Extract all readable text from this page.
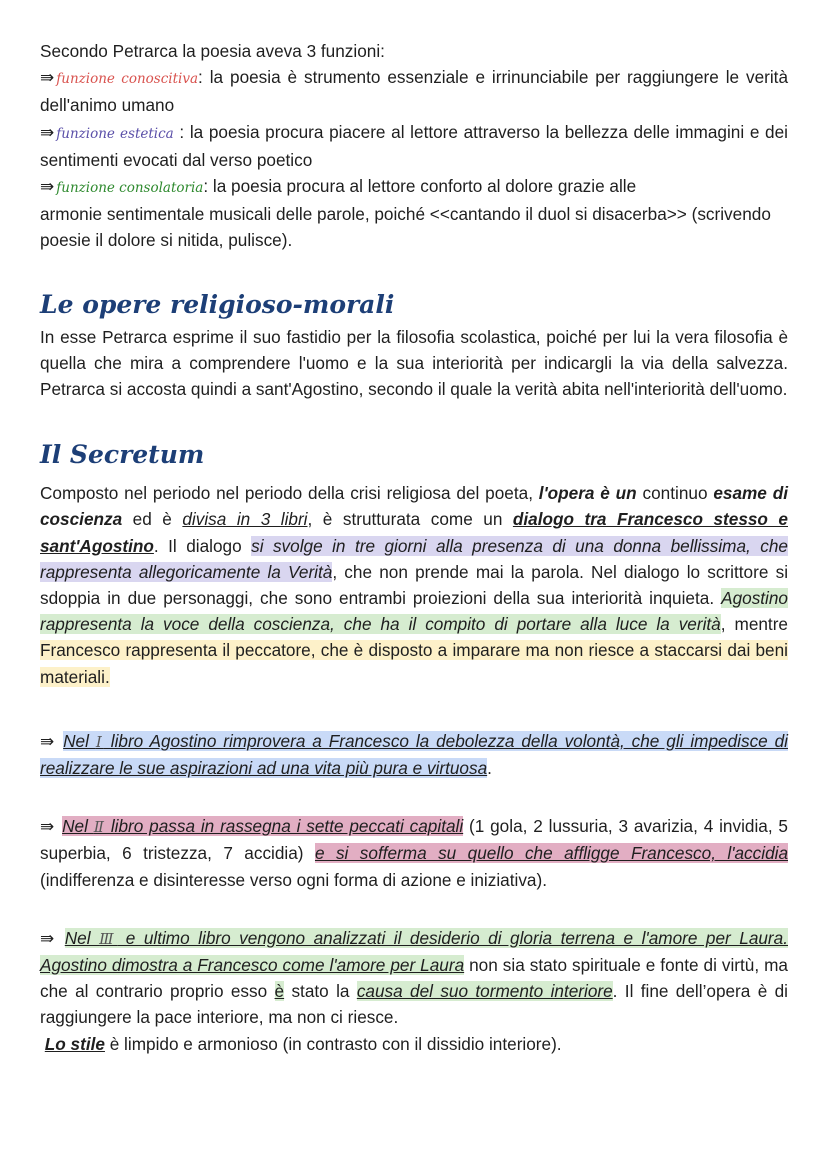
Secondo Petrarca la poesia aveva 3 funzioni:

⇛ funzione conoscitiva: la poesia è strumento essenziale e irrinunciabile per raggiungere le verità dell'animo umano

⇛ funzione estetica : la poesia procura piacere al lettore attraverso la bellezza delle immagini e dei sentimenti evocati dal verso poetico

⇛ funzione consolatoria: la poesia procura al lettore conforto al dolore grazie alle
armonie sentimentale musicali delle parole, poiché <<cantando il duol si disacerba>> (scrivendo poesie il dolore si nitida, pulisce).

Le opere religioso-morali

In esse Petrarca esprime il suo fastidio per la filosofia scolastica, poiché per lui la vera filosofia è quella che mira a comprendere l'uomo e la sua interiorità per indicargli la via della salvezza. Petrarca si accosta quindi a sant'Agostino, secondo il quale la verità abita nell'interiorità dell'uomo.

Il Secretum

Composto nel periodo nel periodo della crisi religiosa del poeta, l'opera è un continuo esame di coscienza ed è divisa in 3 libri, è strutturata come un dialogo tra Francesco stesso e sant'Agostino. Il dialogo si svolge in tre giorni alla presenza di una donna bellissima, che rappresenta allegoricamente la Verità, che non prende mai la parola. Nel dialogo lo scrittore si sdoppia in due personaggi, che sono entrambi proiezioni della sua interiorità inquieta. Agostino rappresenta la voce della coscienza, che ha il compito di portare alla luce la verità, mentre Francesco rappresenta il peccatore, che è disposto a imparare ma non riesce a staccarsi dai beni materiali.

⇛ Nel Ⅰ libro Agostino rimprovera a Francesco la debolezza della volontà, che gli impedisce di realizzare le sue aspirazioni ad una vita più pura e virtuosa.

⇛ Nel Ⅱ libro passa in rassegna i sette peccati capitali (1 gola, 2 lussuria, 3 avarizia, 4 invidia, 5 superbia, 6 tristezza, 7 accidia) e si sofferma su quello che affligge Francesco, l'accidia (indifferenza e disinteresse verso ogni forma di azione e iniziativa).

⇛ Nel Ⅲ e ultimo libro vengono analizzati il desiderio di gloria terrena e l'amore per Laura. Agostino dimostra a Francesco come l'amore per Laura non sia stato spirituale e fonte di virtù, ma che al contrario proprio esso è stato la causa del suo tormento interiore. Il fine dell’opera è di raggiungere la pace interiore, ma non ci riesce.
Lo stile è limpido e armonioso (in contrasto con il dissidio interiore).
